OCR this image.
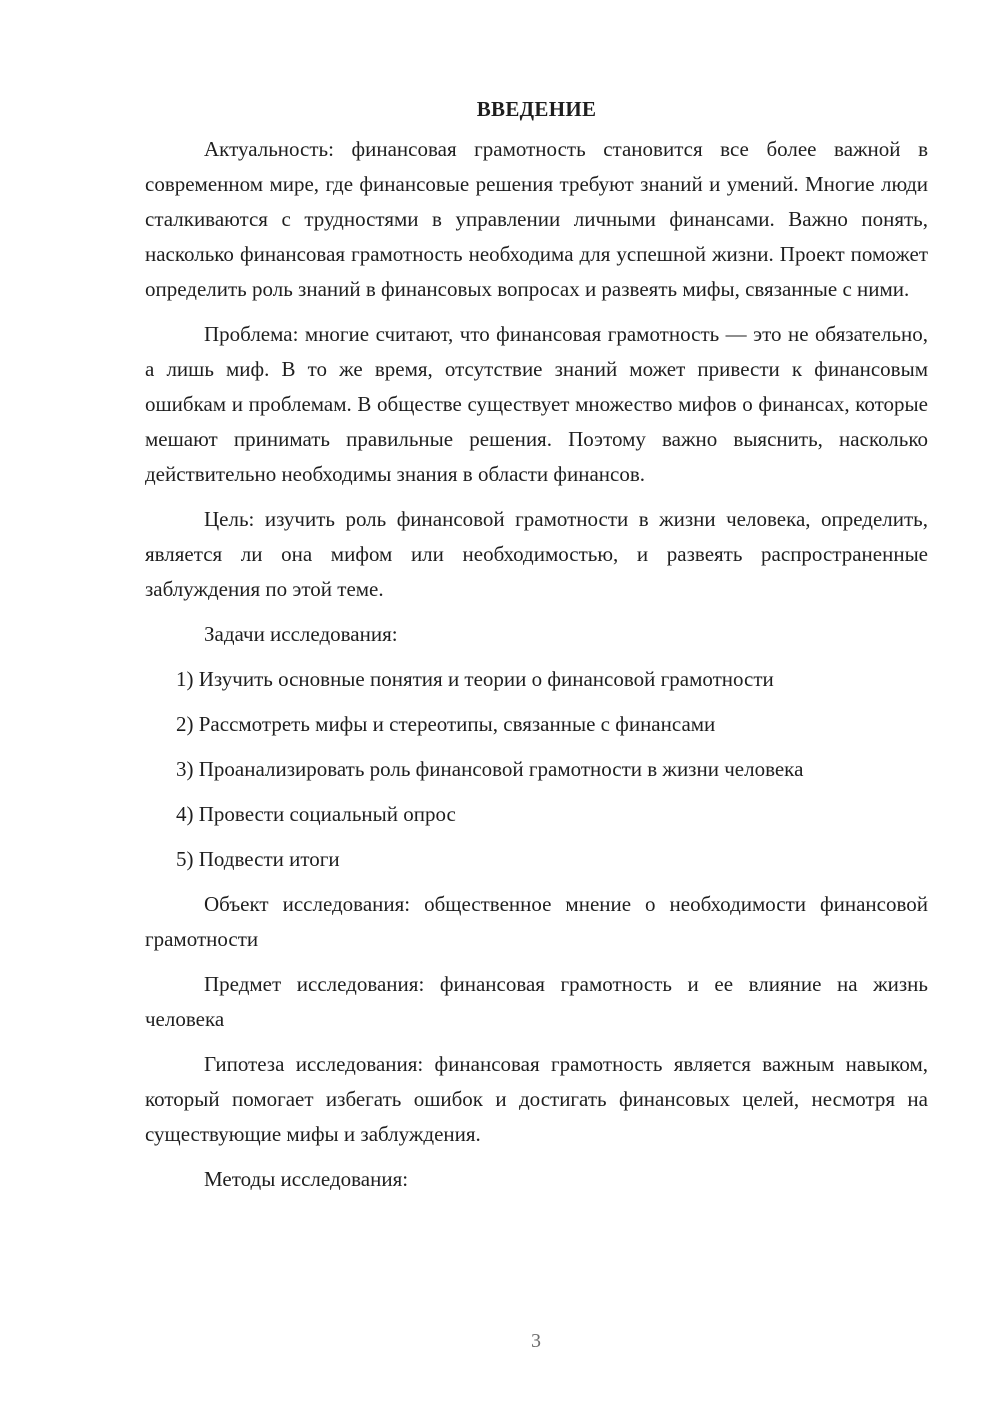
ВВЕДЕНИЕ

Актуальность: финансовая грамотность становится все более важной в современном мире, где финансовые решения требуют знаний и умений. Многие люди сталкиваются с трудностями в управлении личными финансами. Важно понять, насколько финансовая грамотность необходима для успешной жизни. Проект поможет определить роль знаний в финансовых вопросах и развеять мифы, связанные с ними.

Проблема: многие считают, что финансовая грамотность — это не обязательно, а лишь миф. В то же время, отсутствие знаний может привести к финансовым ошибкам и проблемам. В обществе существует множество мифов о финансах, которые мешают принимать правильные решения. Поэтому важно выяснить, насколько действительно необходимы знания в области финансов.

Цель: изучить роль финансовой грамотности в жизни человека, определить, является ли она мифом или необходимостью, и развеять распространенные заблуждения по этой теме.

Задачи исследования:
1) Изучить основные понятия и теории о финансовой грамотности
2) Рассмотреть мифы и стереотипы, связанные с финансами
3) Проанализировать роль финансовой грамотности в жизни человека
4) Провести социальный опрос
5) Подвести итоги

Объект исследования: общественное мнение о необходимости финансовой грамотности

Предмет исследования: финансовая грамотность и ее влияние на жизнь человека

Гипотеза исследования: финансовая грамотность является важным навыком, который помогает избегать ошибок и достигать финансовых целей, несмотря на существующие мифы и заблуждения.

Методы исследования:
3
